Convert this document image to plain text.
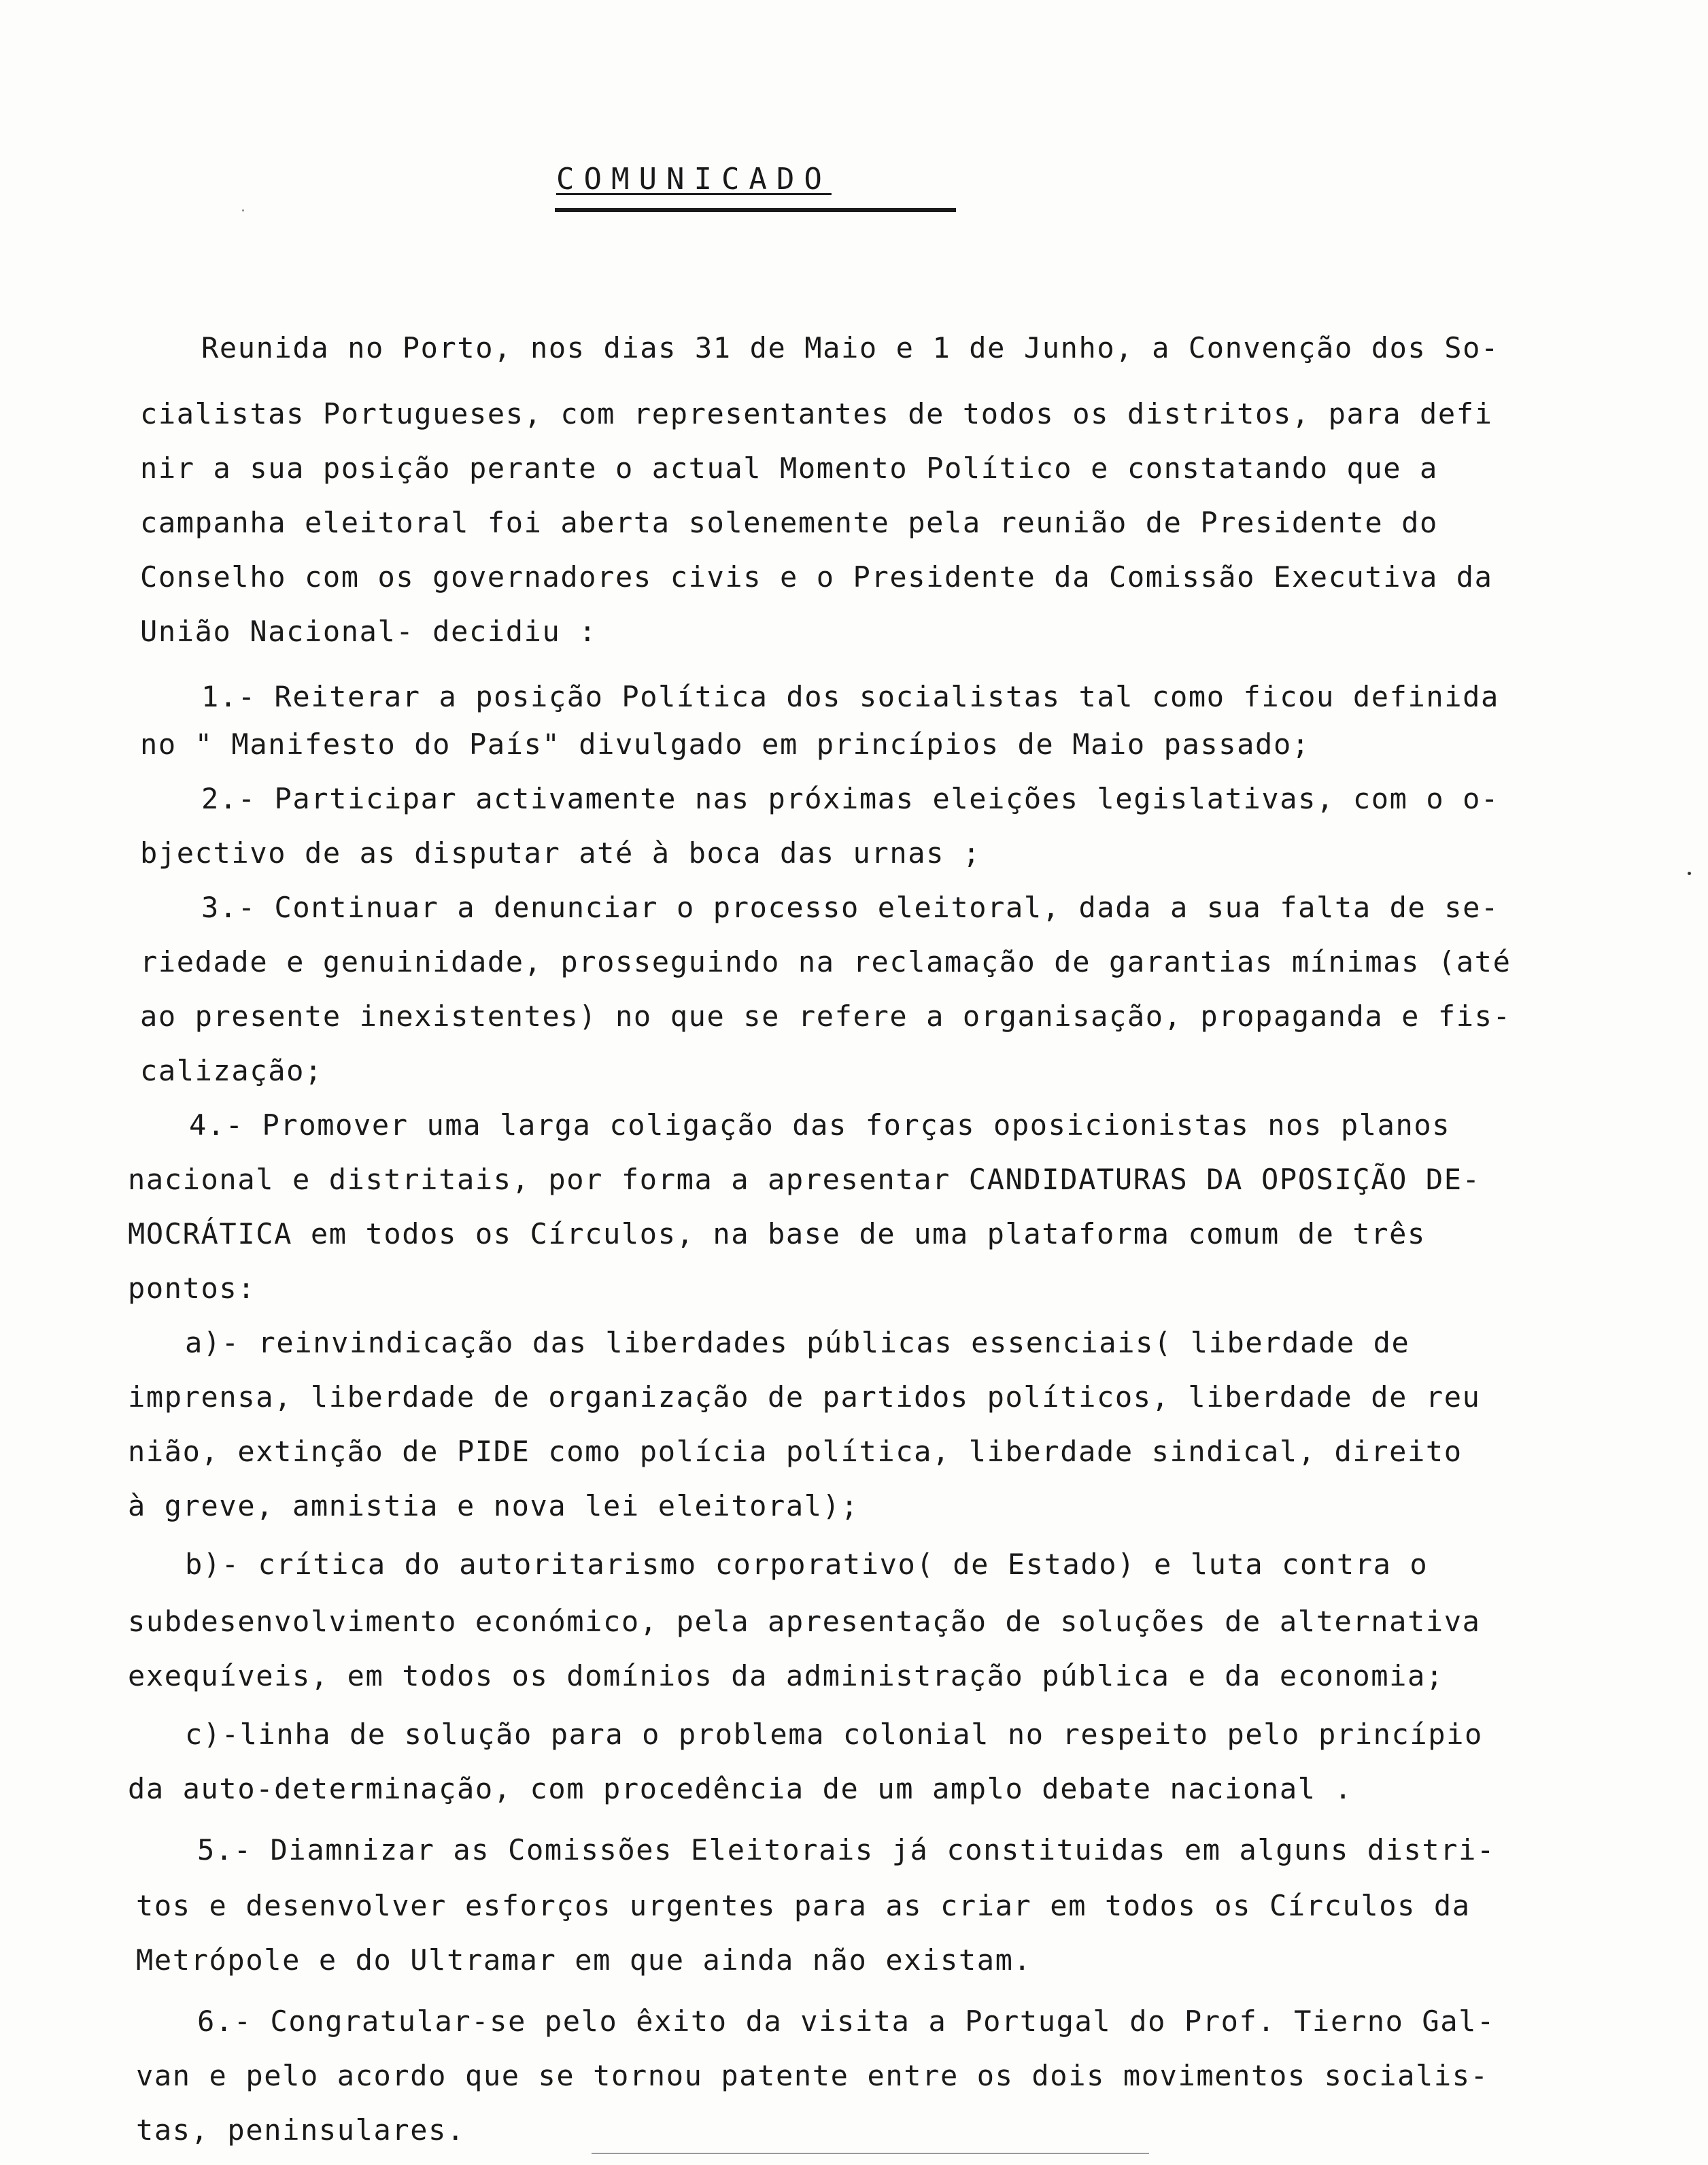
COMUNICADO
Reunida no Porto, nos dias 31 de Maio e 1 de Junho, a Convenção dos So-
cialistas Portugueses, com representantes de todos os distritos, para defi
nir a sua posição perante o actual Momento Político e constatando que a
campanha eleitoral foi aberta solenemente pela reunião de Presidente do
Conselho com os governadores civis e o Presidente da Comissão Executiva da
União Nacional- decidiu :
1.- Reiterar a posição Política dos socialistas tal como ficou definida
no " Manifesto do País" divulgado em princípios de Maio passado;
2.- Participar activamente nas próximas eleições legislativas, com o o-
bjectivo de as disputar até à boca das urnas ;
3.- Continuar a denunciar o processo eleitoral, dada a sua falta de se-
riedade e genuinidade, prosseguindo na reclamação de garantias mínimas (até
ao presente inexistentes) no que se refere a organisação, propaganda e fis-
calização;
4.- Promover uma larga coligação das forças oposicionistas nos planos
nacional e distritais, por forma a apresentar CANDIDATURAS DA OPOSIÇÃO DE-
MOCRÁTICA em todos os Círculos, na base de uma plataforma comum de três
pontos:
a)- reinvindicação das liberdades públicas essenciais( liberdade de
imprensa, liberdade de organização de partidos políticos, liberdade de reu
nião, extinção de PIDE como polícia política, liberdade sindical, direito
à greve, amnistia e nova lei eleitoral);
b)- crítica do autoritarismo corporativo( de Estado) e luta contra o
subdesenvolvimento económico, pela apresentação de soluções de alternativa
exequíveis, em todos os domínios da administração pública e da economia;
c)-linha de solução para o problema colonial no respeito pelo princípio
da auto-determinação, com procedência de um amplo debate nacional .
5.- Diamnizar as Comissões Eleitorais já constituidas em alguns distri-
tos e desenvolver esforços urgentes para as criar em todos os Círculos da
Metrópole e do Ultramar em que ainda não existam.
6.- Congratular-se pelo êxito da visita a Portugal do Prof. Tierno Gal-
van e pelo acordo que se tornou patente entre os dois movimentos socialis-
tas, peninsulares.
